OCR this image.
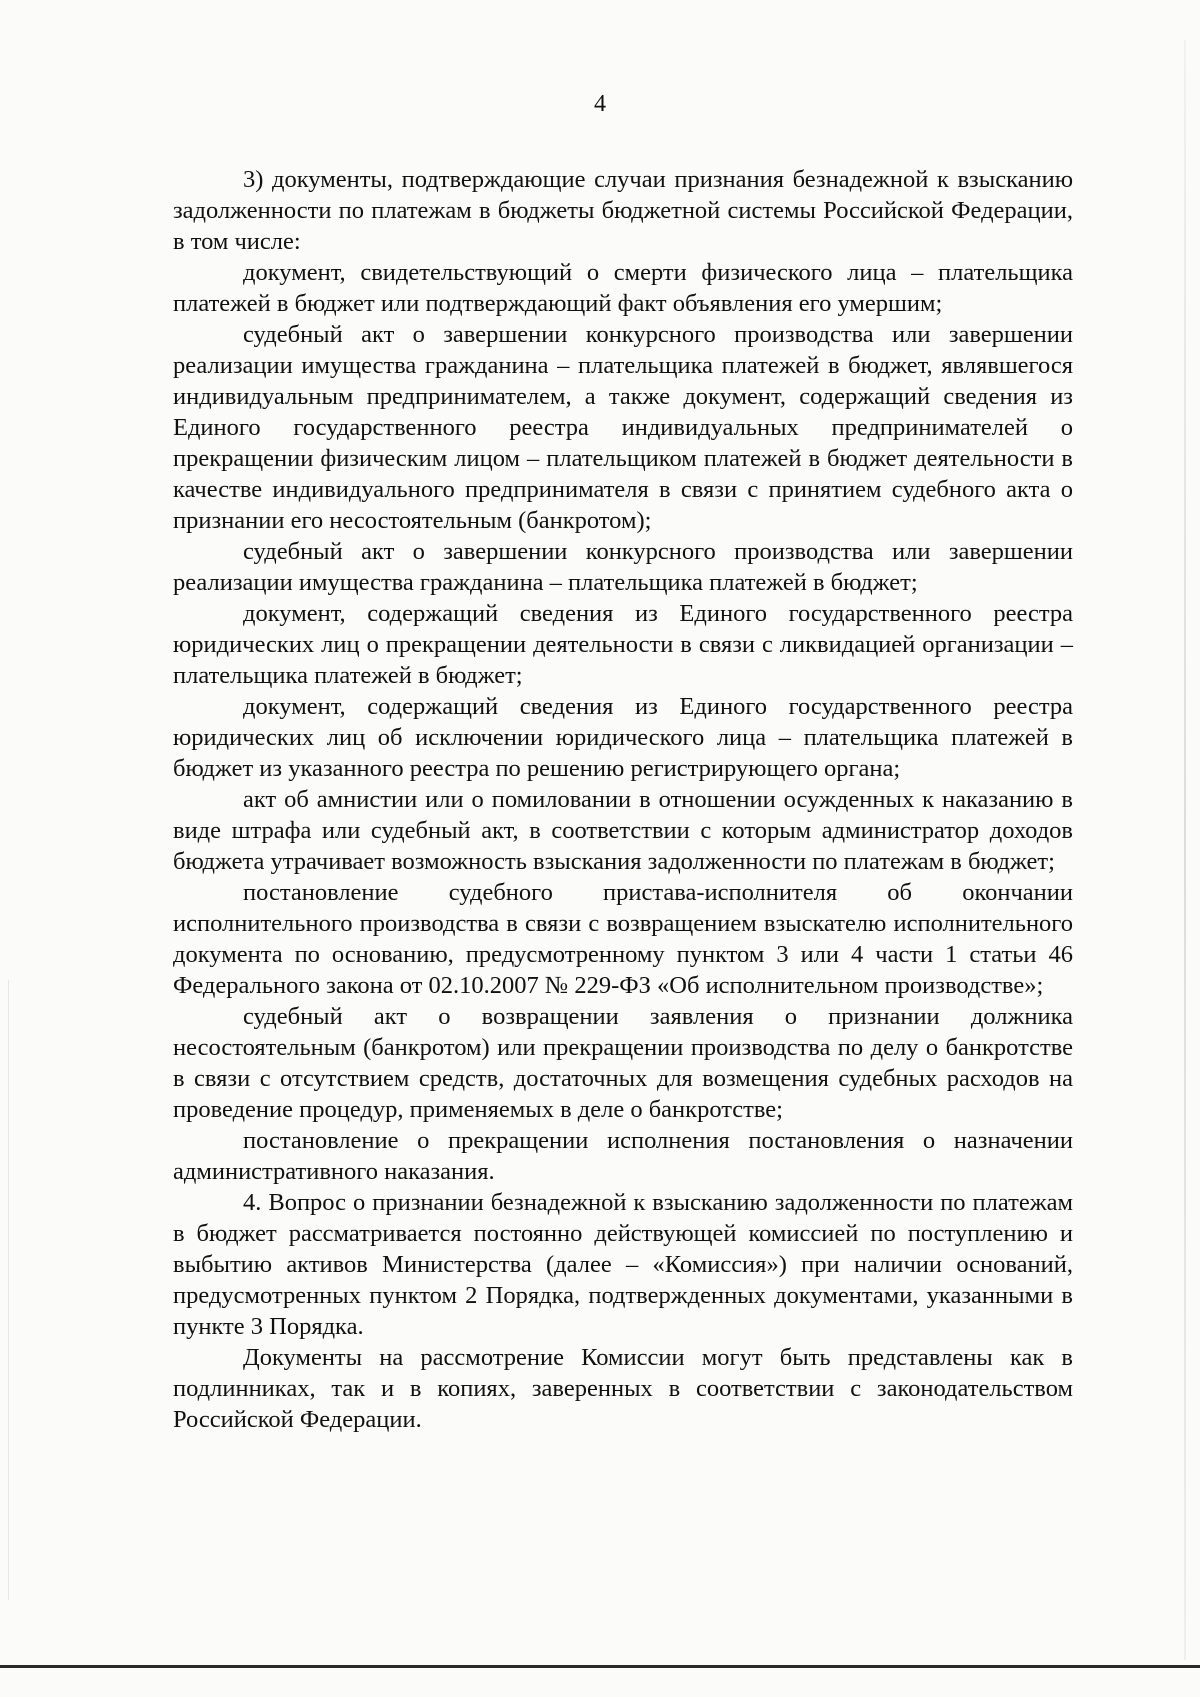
4

3) документы, подтверждающие случаи признания безнадежной к взысканию задолженности по платежам в бюджеты бюджетной системы Российской Федерации, в том числе:

документ, свидетельствующий о смерти физического лица – плательщика платежей в бюджет или подтверждающий факт объявления его умершим;

судебный акт о завершении конкурсного производства или завершении реализации имущества гражданина – плательщика платежей в бюджет, являвшегося индивидуальным предпринимателем, а также документ, содержащий сведения из Единого государственного реестра индивидуальных предпринимателей о прекращении физическим лицом – плательщиком платежей в бюджет деятельности в качестве индивидуального предпринимателя в связи с принятием судебного акта о признании его несостоятельным (банкротом);

судебный акт о завершении конкурсного производства или завершении реализации имущества гражданина – плательщика платежей в бюджет;

документ, содержащий сведения из Единого государственного реестра юридических лиц о прекращении деятельности в связи с ликвидацией организации – плательщика платежей в бюджет;

документ, содержащий сведения из Единого государственного реестра юридических лиц об исключении юридического лица – плательщика платежей в бюджет из указанного реестра по решению регистрирующего органа;

акт об амнистии или о помиловании в отношении осужденных к наказанию в виде штрафа или судебный акт, в соответствии с которым администратор доходов бюджета утрачивает возможность взыскания задолженности по платежам в бюджет;

постановление судебного пристава-исполнителя об окончании исполнительного производства в связи с возвращением взыскателю исполнительного документа по основанию, предусмотренному пунктом 3 или 4 части 1 статьи 46 Федерального закона от 02.10.2007 № 229-ФЗ «Об исполнительном производстве»;

судебный акт о возвращении заявления о признании должника несостоятельным (банкротом) или прекращении производства по делу о банкротстве в связи с отсутствием средств, достаточных для возмещения судебных расходов на проведение процедур, применяемых в деле о банкротстве;

постановление о прекращении исполнения постановления о назначении административного наказания.

4. Вопрос о признании безнадежной к взысканию задолженности по платежам в бюджет рассматривается постоянно действующей комиссией по поступлению и выбытию активов Министерства (далее – «Комиссия») при наличии оснований, предусмотренных пунктом 2 Порядка, подтвержденных документами, указанными в пункте 3 Порядка.

Документы на рассмотрение Комиссии могут быть представлены как в подлинниках, так и в копиях, заверенных в соответствии с законодательством Российской Федерации.
